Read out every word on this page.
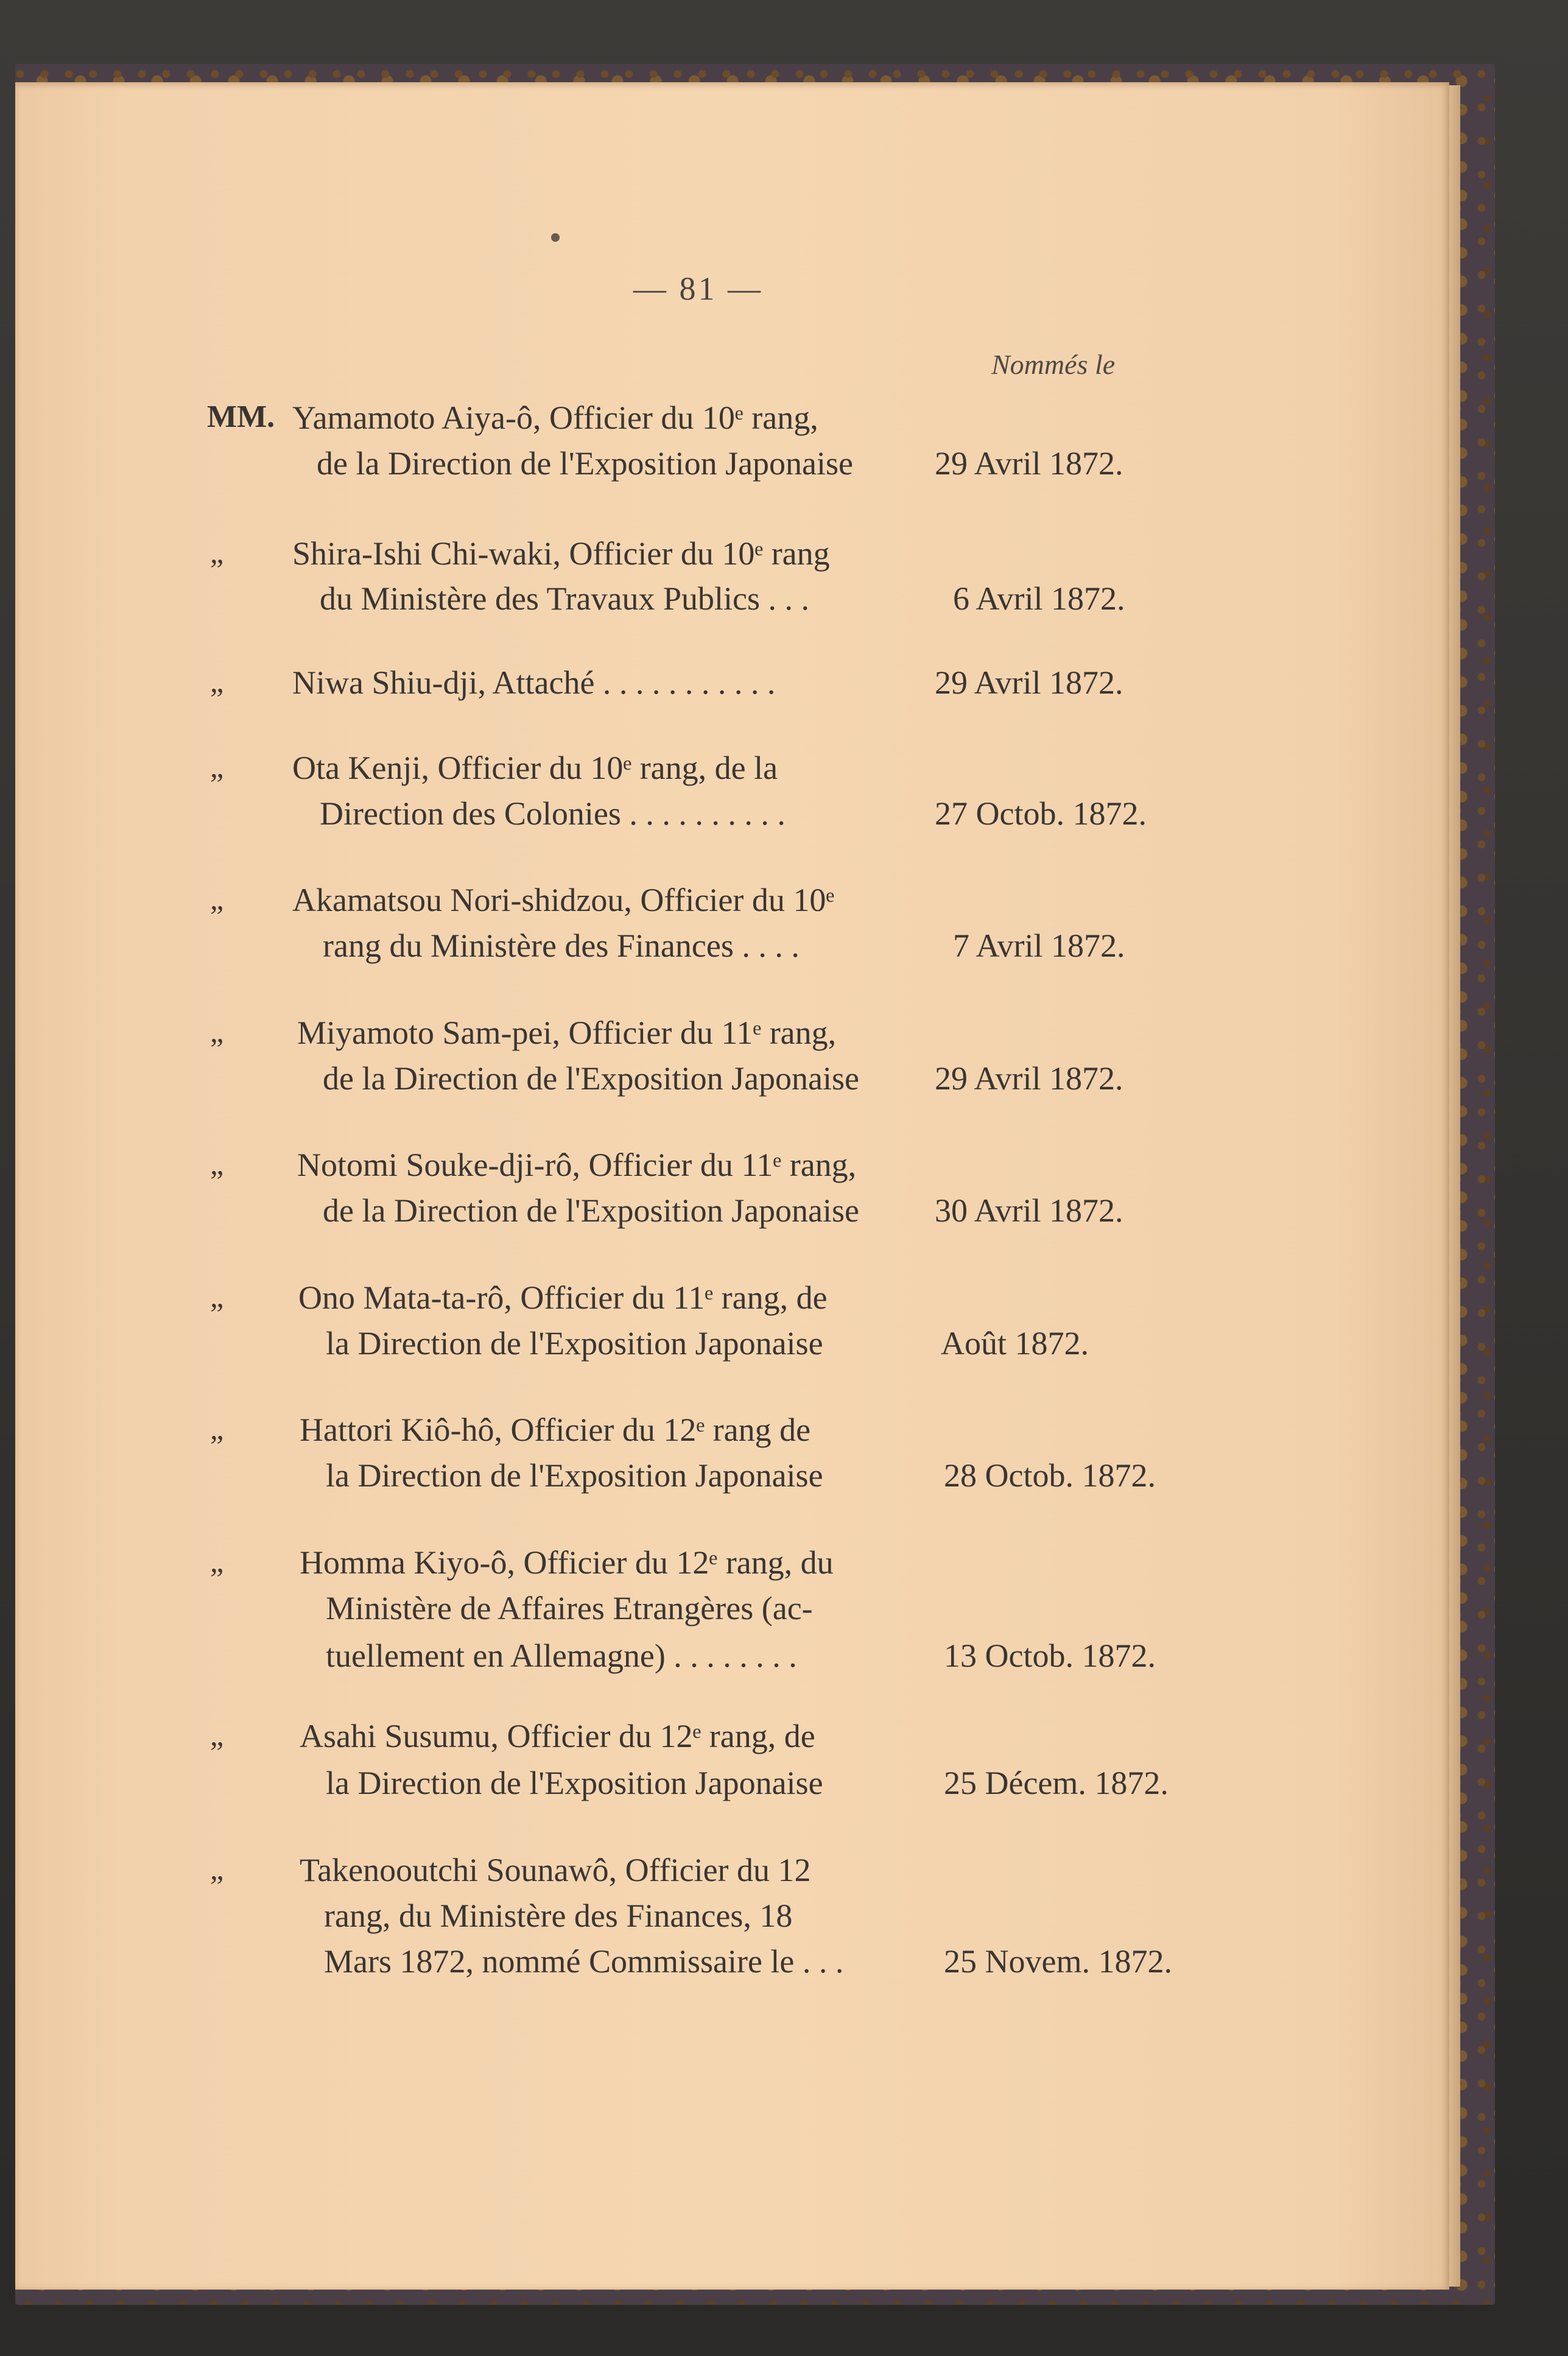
— 81 —
Nommés le
MM. Yamamoto Aiya-ô, Officier du 10ᵉ rang,
de la Direction de l'Exposition Japonaise 29 Avril 1872.
„ Shira-Ishi Chi-waki, Officier du 10ᵉ rang
du Ministère des Travaux Publics . . .	6 Avril 1872.
„ Niwa Shiu-dji, Attaché . . . . . . . . . . .	29 Avril 1872.
„ Ota Kenji, Officier du 10ᵉ rang, de la
Direction des Colonies . . . . . . . . . .	27 Octob. 1872.
„ Akamatsou Nori-shidzou, Officier du 10ᵉ
rang du Ministère des Finances . . . .	7 Avril 1872.
„ Miyamoto Sam-pei, Officier du 11ᵉ rang,
de la Direction de l'Exposition Japonaise 29 Avril 1872.
„ Notomi Souke-dji-rô, Officier du 11ᵉ rang,
de la Direction de l'Exposition Japonaise 30 Avril 1872.
„ Ono Mata-ta-rô, Officier du 11ᵉ rang, de
la Direction de l'Exposition Japonaise	Août 1872.
„ Hattori Kiô-hô, Officier du 12ᵉ rang de
la Direction de l'Exposition Japonaise	28 Octob. 1872.
„ Homma Kiyo-ô, Officier du 12ᵉ rang, du
Ministère de Affaires Etrangères (ac-
tuellement en Allemagne) . . . . . . . .	13 Octob. 1872.
„ Asahi Susumu, Officier du 12ᵉ rang, de
la Direction de l'Exposition Japonaise	25 Décem. 1872.
„ Takenooutchi Sounawô, Officier du 12
rang, du Ministère des Finances, 18
Mars 1872, nommé Commissaire le . . .	25 Novem. 1872.
